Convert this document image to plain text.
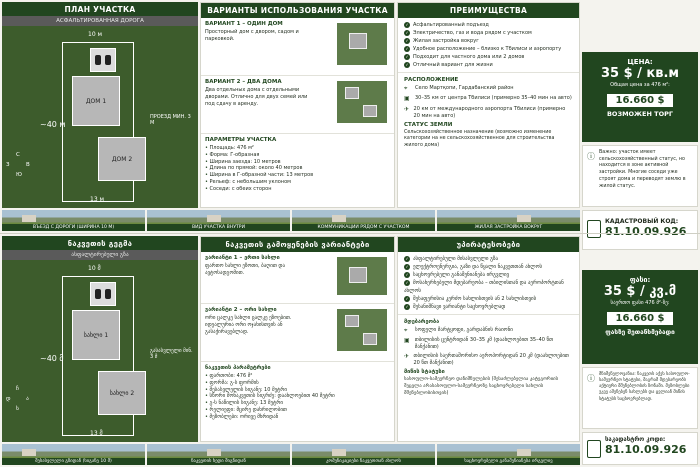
ПЛАН УЧАСТКА
АСФАЛЬТИРОВАННАЯ ДОРОГА
10 м
~40 м
ДОМ 1
ДОМ 2
ПРОЕЗД МИН. 3 М
13 м
С
З	В
Ю
ВАРИАНТЫ ИСПОЛЬЗОВАНИЯ УЧАСТКА
ВАРИАНТ 1 – ОДИН ДОМ
Просторный дом с двором, садом и парковкой.
ВАРИАНТ 2 – ДВА ДОМА
Два отдельных дома с отдельными дворами. Отлично для двух семей или под сдачу в аренду.
ПАРАМЕТРЫ УЧАСТКА
• Площадь: 476 м²
• Форма: Г-образная
• Ширина заезда: 10 метров
• Длина по прямой: около 40 метров
• Ширина в Г-образной части: 13 метров
• Рельеф: с небольшим уклоном
• Соседи: с обеих сторон
ПРЕИМУЩЕСТВА
✓ Асфальтированный подъезд
✓ Электричество, газ и вода рядом с участком
✓ Жилая застройка вокруг
✓ Удобное расположение – близко к Тбилиси и аэропорту
✓ Подходит для частного дома или 2 домов
✓ Отличный вариант для жизни
РАСПОЛОЖЕНИЕ
⌖	Село Мартқопи, Гардабанский район
▣	30–35 км от центра Тбилиси (примерно 35–40 мин на авто)
✈ 20 км от международного аэропорта Тбилиси (примерно 20 мин на авто)
СТАТУС ЗЕМЛИ
Сельскохозяйственное назначение (возможно изменение категории на не сельскохозяйственное для строительства жилого дома)
ЦЕНА:
35 $ / кв.м
Общая цена за 476 м²:
16.660 $
ВОЗМОЖЕН ТОРГ
ⓘ Важно: участок имеет сельскохозяйственный статус, но находится в зоне активной застройки. Многие соседи уже строят дома и переводят землю в жилой статус.

КАДАСТРОВЫЙ КОД:
81.10.09.926
ВЪЕЗД С ДОРОГИ (ШИРИНА 10 М)	ВИД УЧАСТКА ВНУТРИ	КОММУНИКАЦИИ РЯДОМ С УЧАСТКОМ	ЖИЛАЯ ЗАСТРОЙКА ВОКРУГ
ნაკვეთის გეგმა
ასფალტირებული გზა
10 მ
~40 მ
სახლი 1
სახლი 2
გასასვლელი მინ. 3 მ
13 მ
ჩ
დ	ა
ს
ნაკვეთის გამოყენების ვარიანტები
ვარიანტი 1 – ერთი სახლი
ფართო სახლი ეზოთი, ბაღით და ავტოსადგომით.
ვარიანტი 2 – ორი სახლი
ორი ცალკე სახლი ცალკე ეზოებით. იდეალურია ორი ოჯახისთვის ან გასაქირავებლად.
ნაკვეთის პარამეტრები
• ფართობი: 476 მ²
• ფორმა: გ-ს ფორმის
• შესასვლელის სიგანე: 10 მეტრი
• სწორი მონაკვეთის სიგრძე: დაახლოებით 40 მეტრი
• გ-ს ნაწილის სიგანე: 13 მეტრი
• რელიეფი: მცირე დახრილობით
• მეზობლები: ორივე მხრიდან
უპირატესობები
✓ ასფალტირებული მისასვლელი გზა
✓ ელექტროენერგია, გაზი და წყალი ნაკვეთთან ახლოს
✓ საცხოვრებელი განაშენიანება ირგვლივ
✓ მოსახერხებელი მდებარეობა – თბილისთან და აეროპორტთან ახლოს
✓ შესაფერისია კერძო სახლისთვის ან 2 სახლისთვის
✓ შესანიშნავი ვარიანტი საცხოვრებლად
მდებარეობა
⌖	სოფელი მარტყოფი, გარდაბნის რაიონი
▣	თბილისის ცენტრიდან 30–35 კმ (დაახლოებით 35–40 წთ მანქანით)
✈ თბილისის საერთაშორისო აეროპორტიდან 20 კმ (დაახლოებით 20 წთ მანქანით)
მიწის სტატუსი
სასოფლო-სამეურნეო დანიშნულების (შესაძლებელია კატეგორიის შეცვლა არასასოფლო-სამეურნეოზე საცხოვრებელი სახლის მშენებლობისთვის)
ფასი:
35 $ / კვ.მ
საერთო ფასი 476 მ²-ზე:
16.660 $
ფასზე შეთანხმებადი
ⓘ მნიშვნელოვანია: ნაკვეთს აქვს სასოფლო-სამეურნეო სტატუსი, მაგრამ მდებარეობს აქტიური მშენებლობის ზონაში. მეზობლები უკვე აშენებენ სახლებს და ცვლიან მიწის სტატუსს საცხოვრებლად.

საკადასტრო კოდი:
81.10.09.926
შესასვლელი გზიდან (სიგანე 10 მ)	ნაკვეთის ხედი შიგნიდან	კომუნიკაციები ნაკვეთთან ახლოს	საცხოვრებელი განაშენიანება ირგვლივ
